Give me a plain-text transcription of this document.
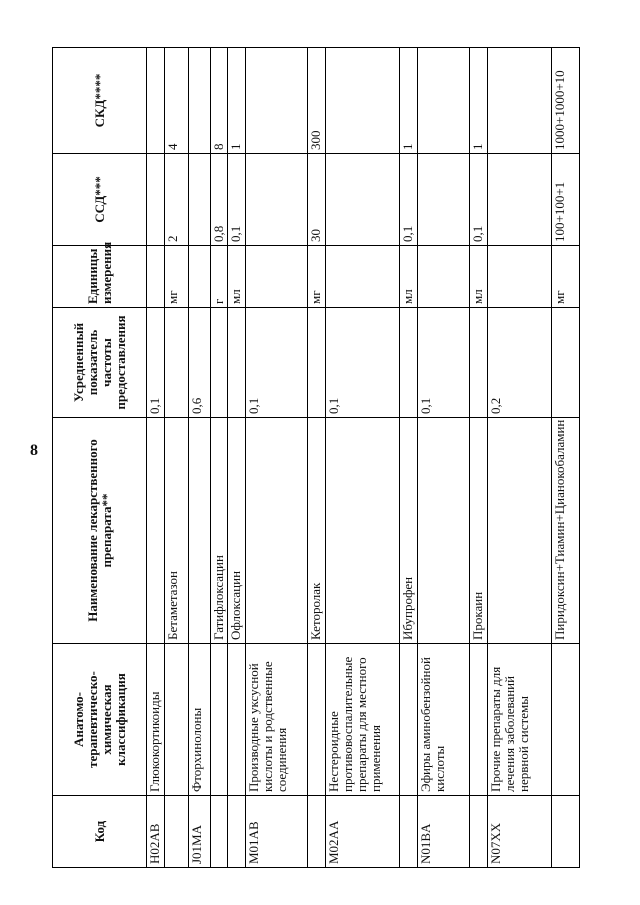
8
Код	Анатомо-терапевтическо-химическая классификация	Наименование лекарственного препарата**	Усредненный показатель частоты предоставления	Единицы измерения	ССД***	СКД****
H02AB	Глюкокортикоиды		0,1			
		Бетаметазон		мг	2	4
J01MA	Фторхинолоны		0,6			
		Гатифлоксацин		г	0,8	8
		Офлоксацин		мл	0,1	1
M01AB	Производные уксусной кислоты и родственные соединения		0,1			
		Кеторолак		мг	30	300
M02AA	Нестероидные противовоспалительные препараты для местного применения		0,1			
		Ибупрофен		мл	0,1	1
N01BA	Эфиры аминобензойной кислоты		0,1			
		Прокаин		мл	0,1	1
N07XX	Прочие препараты для лечения заболеваний нервной системы		0,2			
		Пиридоксин+Тиамин+Цианокобаламин		мг	100+100+1	1000+1000+10
